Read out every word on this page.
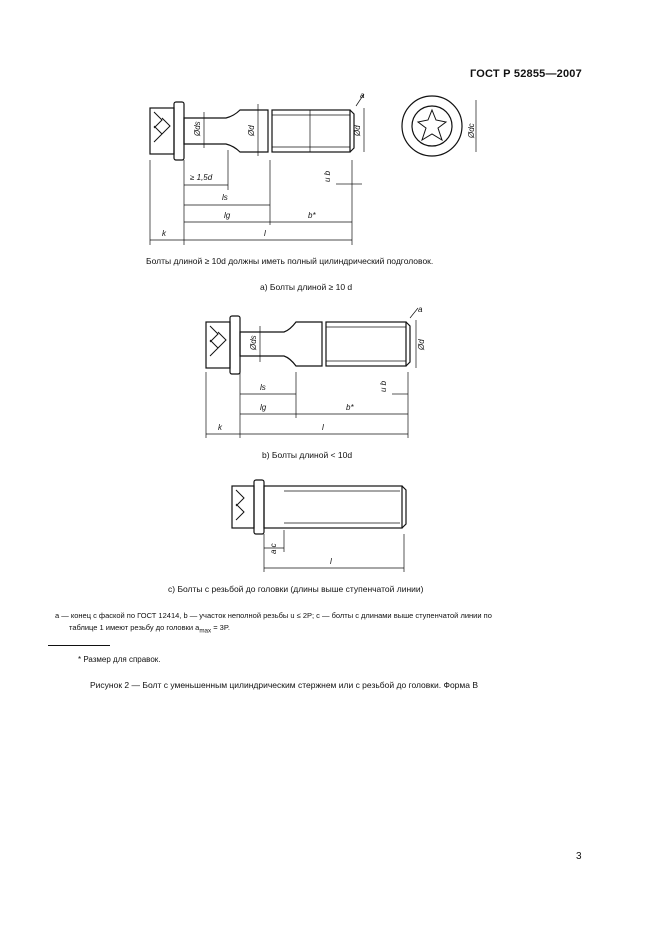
ГОСТ Р 52855—2007
a
Øds	Ød	Ød	Ødc
≥ 1,5d
ls
lg	b*
k	l
u b
a
Øds	Ød
ls
lg	b*
k	l
u b
a c
l
Болты длиной ≥ 10d должны иметь полный цилиндрический подголовок.
a) Болты длиной ≥ 10 d
b) Болты длиной < 10d
c) Болты с резьбой до головки (длины выше ступенчатой линии)
a — конец с фаской по ГОСТ 12414, b — участок неполной резьбы u ≤ 2P; c — болты с длинами выше ступенчатой линии по
таблице 1 имеют резьбу до головки $a_{max} = 3P$.
* Размер для справок.
Рисунок 2 — Болт с уменьшенным цилиндрическим стержнем или с резьбой до головки. Форма B
3
